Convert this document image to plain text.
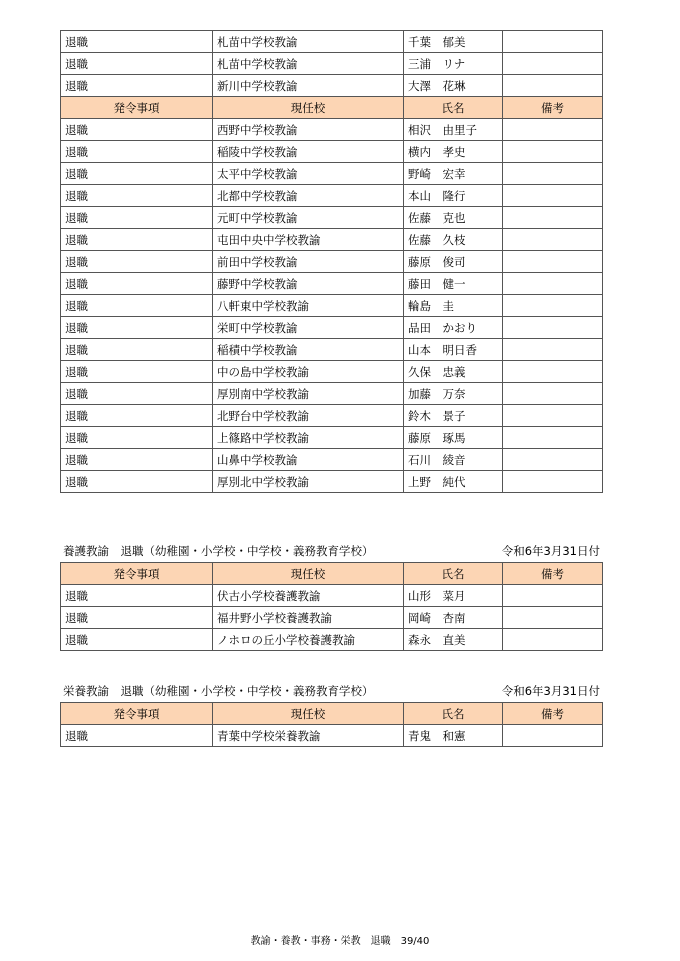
退職	札苗中学校教諭	千葉　郁美	
退職	札苗中学校教諭	三浦　リナ	
退職	新川中学校教諭	大澤　花琳	
発令事項	現任校	氏名	備考
退職	西野中学校教諭	相沢　由里子	
退職	稲陵中学校教諭	横内　孝史	
退職	太平中学校教諭	野崎　宏幸	
退職	北都中学校教諭	本山　隆行	
退職	元町中学校教諭	佐藤　克也	
退職	屯田中央中学校教諭	佐藤　久枝	
退職	前田中学校教諭	藤原　俊司	
退職	藤野中学校教諭	藤田　健一	
退職	八軒東中学校教諭	輪島　圭	
退職	栄町中学校教諭	品田　かおり	
退職	稲積中学校教諭	山本　明日香	
退職	中の島中学校教諭	久保　忠義	
退職	厚別南中学校教諭	加藤　万奈	
退職	北野台中学校教諭	鈴木　景子	
退職	上篠路中学校教諭	藤原　琢馬	
退職	山鼻中学校教諭	石川　綾音	
退職	厚別北中学校教諭	上野　純代	
養護教諭　退職（幼稚園・小学校・中学校・義務教育学校）	令和6年3月31日付
発令事項	現任校	氏名	備考
退職	伏古小学校養護教諭	山形　菜月	
退職	福井野小学校養護教諭	岡崎　杏南	
退職	ノホロの丘小学校養護教諭	森永　直美	
栄養教諭　退職（幼稚園・小学校・中学校・義務教育学校）	令和6年3月31日付
発令事項	現任校	氏名	備考
退職	青葉中学校栄養教諭	青鬼　和憲	
教諭・養教・事務・栄教　退職　39/40
